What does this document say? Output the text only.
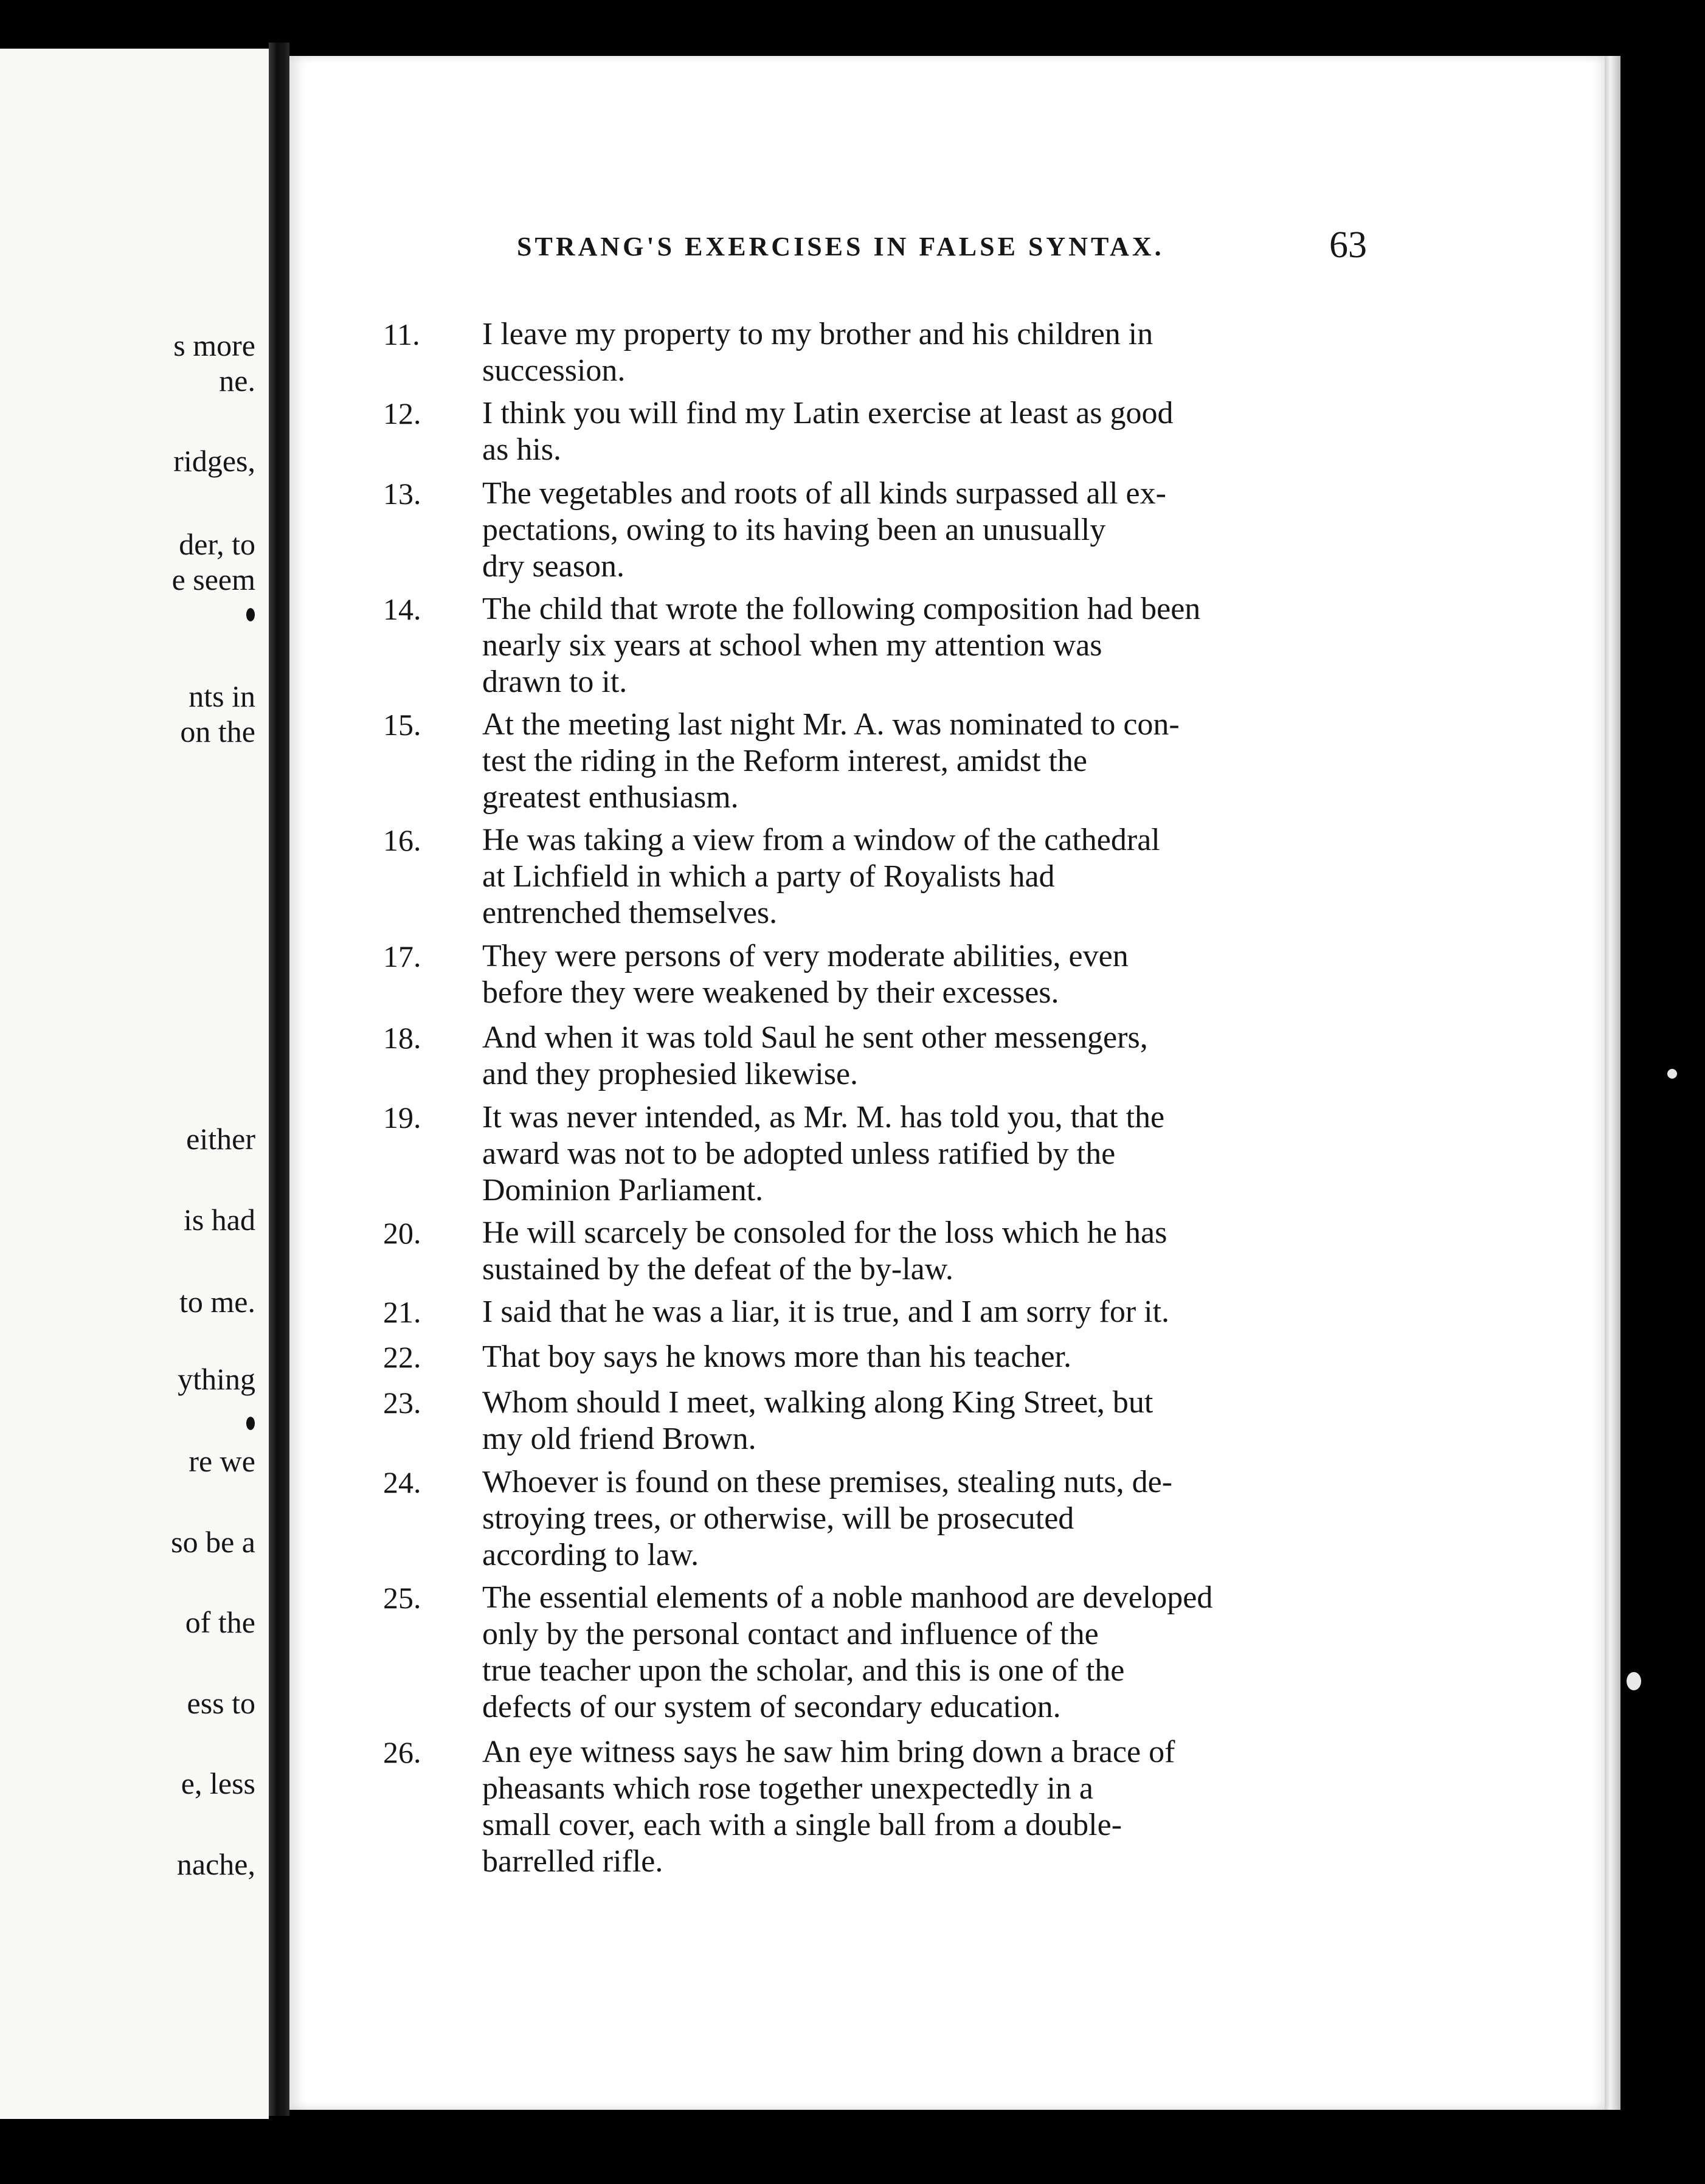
s more

ne.

ridges,

der, to

e seem

nts in

on the

either

is had

to me.

ything

re we

so be a

of the

ess to

e, less

nache,

STRANG'S EXERCISES IN FALSE SYNTAX.	63
11. I leave my property to my brother and his children in
succession.

12. I think you will find my Latin exercise at least as good
as his.

13. The vegetables and roots of all kinds surpassed all ex-
pectations, owing to its having been an unusually
dry season.

14. The child that wrote the following composition had been
nearly six years at school when my attention was
drawn to it.

15. At the meeting last night Mr. A. was nominated to con-
test the riding in the Reform interest, amidst the
greatest enthusiasm.

16. He was taking a view from a window of the cathedral
at Lichfield in which a party of Royalists had
entrenched themselves.

17. They were persons of very moderate abilities, even
before they were weakened by their excesses.

18. And when it was told Saul he sent other messengers,
and they prophesied likewise.

19. It was never intended, as Mr. M. has told you, that the
award was not to be adopted unless ratified by the
Dominion Parliament.

20. He will scarcely be consoled for the loss which he has
sustained by the defeat of the by-law.

21. I said that he was a liar, it is true, and I am sorry for it.

22. That boy says he knows more than his teacher.

23. Whom should I meet, walking along King Street, but
my old friend Brown.

24. Whoever is found on these premises, stealing nuts, de-
stroying trees, or otherwise, will be prosecuted
according to law.

25. The essential elements of a noble manhood are developed
only by the personal contact and influence of the
true teacher upon the scholar, and this is one of the
defects of our system of secondary education.

26. An eye witness says he saw him bring down a brace of
pheasants which rose together unexpectedly in a
small cover, each with a single ball from a double-
barrelled rifle.
